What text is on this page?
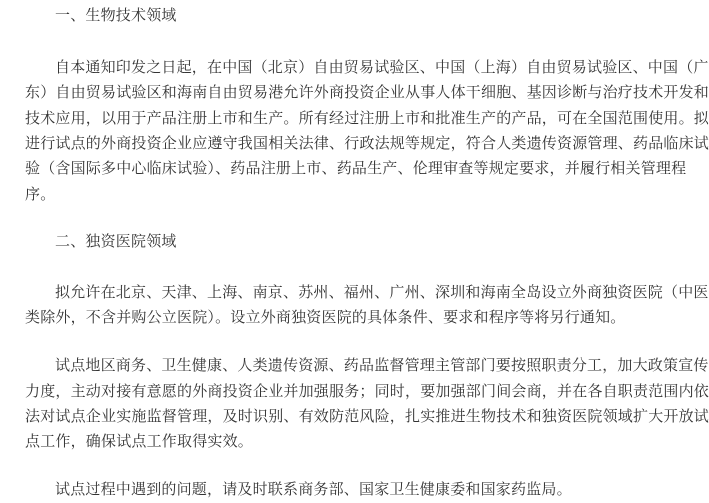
一、生物技术领域
自本通知印发之日起，在中国（北京）自由贸易试验区、中国（上海）自由贸易试验区、中国（广
东）自由贸易试验区和海南自由贸易港允许外商投资企业从事人体干细胞、基因诊断与治疗技术开发和
技术应用，以用于产品注册上市和生产。所有经过注册上市和批准生产的产品，可在全国范围使用。拟
进行试点的外商投资企业应遵守我国相关法律、行政法规等规定，符合人类遗传资源管理、药品临床试
验（含国际多中心临床试验）、药品注册上市、药品生产、伦理审查等规定要求，并履行相关管理程
序。
二、独资医院领域
拟允许在北京、天津、上海、南京、苏州、福州、广州、深圳和海南全岛设立外商独资医院（中医
类除外，不含并购公立医院）。设立外商独资医院的具体条件、要求和程序等将另行通知。
试点地区商务、卫生健康、人类遗传资源、药品监督管理主管部门要按照职责分工，加大政策宣传
力度，主动对接有意愿的外商投资企业并加强服务；同时，要加强部门间会商，并在各自职责范围内依
法对试点企业实施监督管理，及时识别、有效防范风险，扎实推进生物技术和独资医院领域扩大开放试
点工作，确保试点工作取得实效。
试点过程中遇到的问题，请及时联系商务部、国家卫生健康委和国家药监局。
